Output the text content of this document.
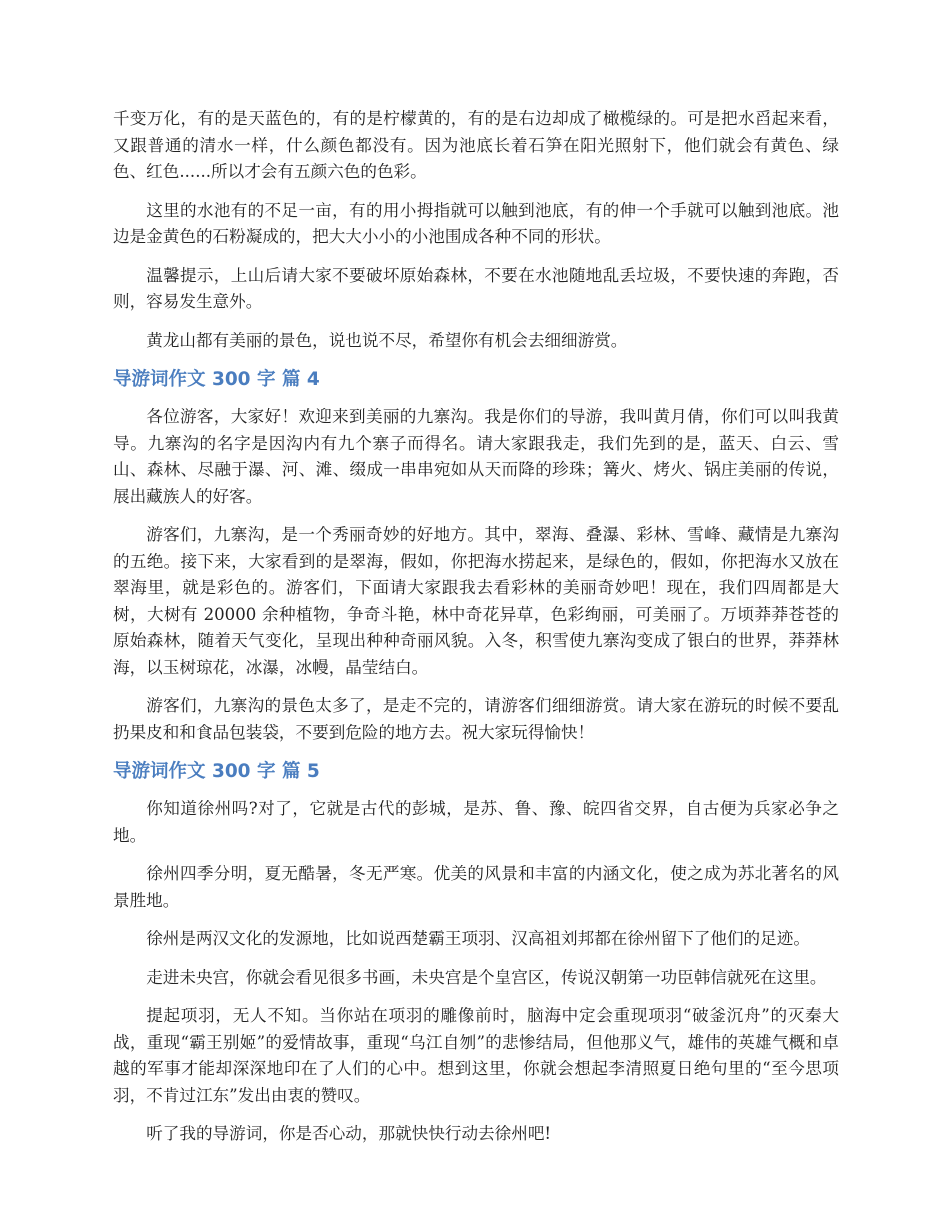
千变万化，有的是天蓝色的，有的是柠檬黄的，有的是右边却成了橄榄绿的。可是把水舀起来看，又跟普通的清水一样，什么颜色都没有。因为池底长着石笋在阳光照射下，他们就会有黄色、绿色、红色......所以才会有五颜六色的色彩。

这里的水池有的不足一亩，有的用小拇指就可以触到池底，有的伸一个手就可以触到池底。池边是金黄色的石粉凝成的，把大大小小的小池围成各种不同的形状。

温馨提示，上山后请大家不要破坏原始森林，不要在水池随地乱丢垃圾，不要快速的奔跑，否则，容易发生意外。

黄龙山都有美丽的景色，说也说不尽，希望你有机会去细细游赏。

导游词作文 300 字 篇 4

各位游客，大家好！欢迎来到美丽的九寨沟。我是你们的导游，我叫黄月倩，你们可以叫我黄导。九寨沟的名字是因沟内有九个寨子而得名。请大家跟我走，我们先到的是，蓝天、白云、雪山、森林、尽融于瀑、河、滩、缀成一串串宛如从天而降的珍珠；篝火、烤火、锅庄美丽的传说，展出藏族人的好客。

游客们，九寨沟，是一个秀丽奇妙的好地方。其中，翠海、叠瀑、彩林、雪峰、藏情是九寨沟的五绝。接下来，大家看到的是翠海，假如，你把海水捞起来，是绿色的，假如，你把海水又放在翠海里，就是彩色的。游客们，下面请大家跟我去看彩林的美丽奇妙吧！现在，我们四周都是大树，大树有 20000 余种植物，争奇斗艳，林中奇花异草，色彩绚丽，可美丽了。万顷莽莽苍苍的原始森林，随着天气变化，呈现出种种奇丽风貌。入冬，积雪使九寨沟变成了银白的世界，莽莽林海，以玉树琼花，冰瀑，冰幔，晶莹结白。

游客们，九寨沟的景色太多了，是走不完的，请游客们细细游赏。请大家在游玩的时候不要乱扔果皮和和食品包装袋，不要到危险的地方去。祝大家玩得愉快！

导游词作文 300 字 篇 5

你知道徐州吗?对了，它就是古代的彭城，是苏、鲁、豫、皖四省交界，自古便为兵家必争之地。

徐州四季分明，夏无酷暑，冬无严寒。优美的风景和丰富的内涵文化，使之成为苏北著名的风景胜地。

徐州是两汉文化的发源地，比如说西楚霸王项羽、汉高祖刘邦都在徐州留下了他们的足迹。

走进未央宫，你就会看见很多书画，未央宫是个皇宫区，传说汉朝第一功臣韩信就死在这里。

提起项羽，无人不知。当你站在项羽的雕像前时，脑海中定会重现项羽“破釜沉舟”的灭秦大战，重现“霸王别姬”的爱情故事，重现“乌江自刎”的悲惨结局，但他那义气，雄伟的英雄气概和卓越的军事才能却深深地印在了人们的心中。想到这里，你就会想起李清照夏日绝句里的“至今思项羽，不肯过江东”发出由衷的赞叹。

听了我的导游词，你是否心动，那就快快行动去徐州吧!
